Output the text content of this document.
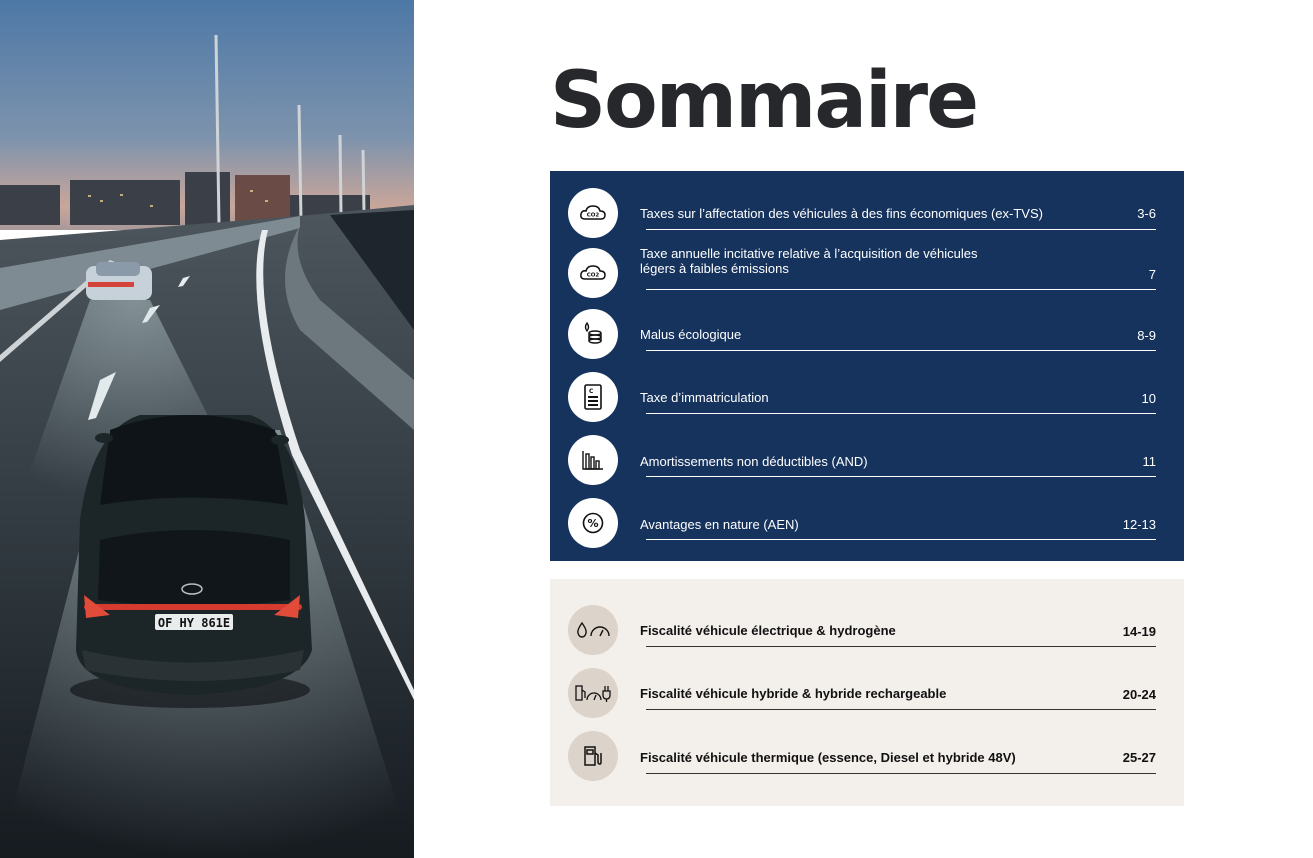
OF HY 861E
Sommaire
CO2	Taxes sur l’affectation des véhicules à des fins économiques (ex-TVS)	3-6
CO2
Taxe annuelle incitative relative à l’acquisition de véhicules légers à faibles émissions	7
Malus écologique	8-9
C	Taxe d’immatriculation	10
Amortissements non déductibles (AND)	11
%	Avantages en nature (AEN)	12-13
Fiscalité véhicule électrique & hydrogène	14-19
Fiscalité véhicule hybride & hybride rechargeable	20-24
Fiscalité véhicule thermique (essence, Diesel et hybride 48V)	25-27
